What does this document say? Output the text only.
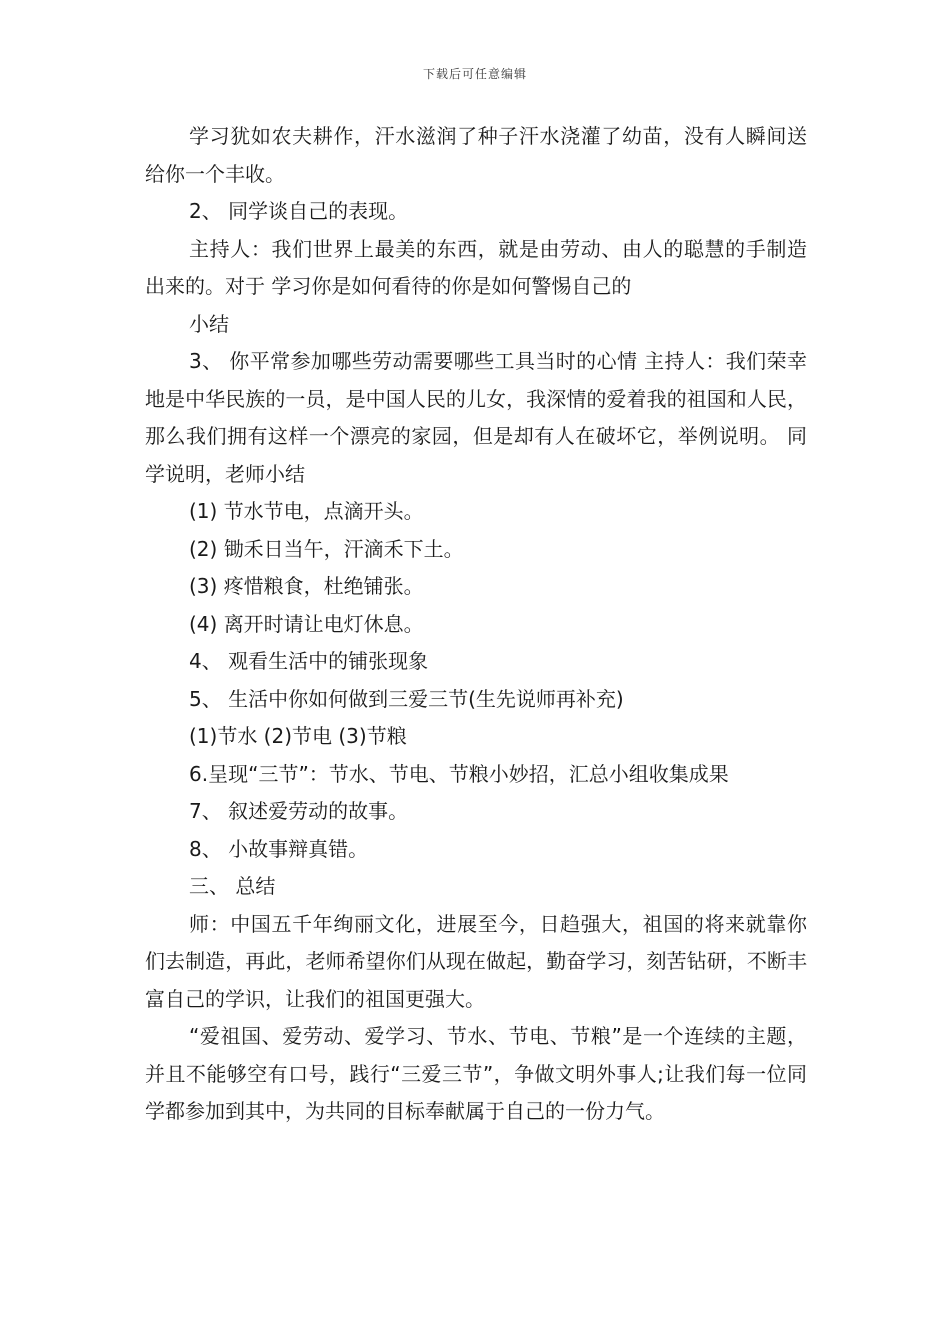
下载后可任意编辑

学习犹如农夫耕作，汗水滋润了种子汗水浇灌了幼苗，没有人瞬间送给你一个丰收。

2、 同学谈自己的表现。

主持人：我们世界上最美的东西，就是由劳动、由人的聪慧的手制造出来的。对于 学习你是如何看待的你是如何警惕自己的

小结

3、 你平常参加哪些劳动需要哪些工具当时的心情 主持人：我们荣幸地是中华民族的一员，是中国人民的儿女，我深情的爱着我的祖国和人民，那么我们拥有这样一个漂亮的家园，但是却有人在破坏它，举例说明。 同学说明，老师小结

(1) 节水节电，点滴开头。

(2) 锄禾日当午，汗滴禾下土。

(3) 疼惜粮食，杜绝铺张。

(4) 离开时请让电灯休息。

4、 观看生活中的铺张现象

5、 生活中你如何做到三爱三节(生先说师再补充)

(1)节水 (2)节电 (3)节粮

6.呈现“三节”：节水、节电、节粮小妙招，汇总小组收集成果

7、 叙述爱劳动的故事。

8、 小故事辩真错。

三、 总结

师：中国五千年绚丽文化，进展至今，日趋强大，祖国的将来就靠你们去制造，再此，老师希望你们从现在做起，勤奋学习，刻苦钻研，不断丰富自己的学识，让我们的祖国更强大。

“爱祖国、爱劳动、爱学习、节水、节电、节粮”是一个连续的主题，并且不能够空有口号，践行“三爱三节”，争做文明外事人;让我们每一位同学都参加到其中，为共同的目标奉献属于自己的一份力气。
